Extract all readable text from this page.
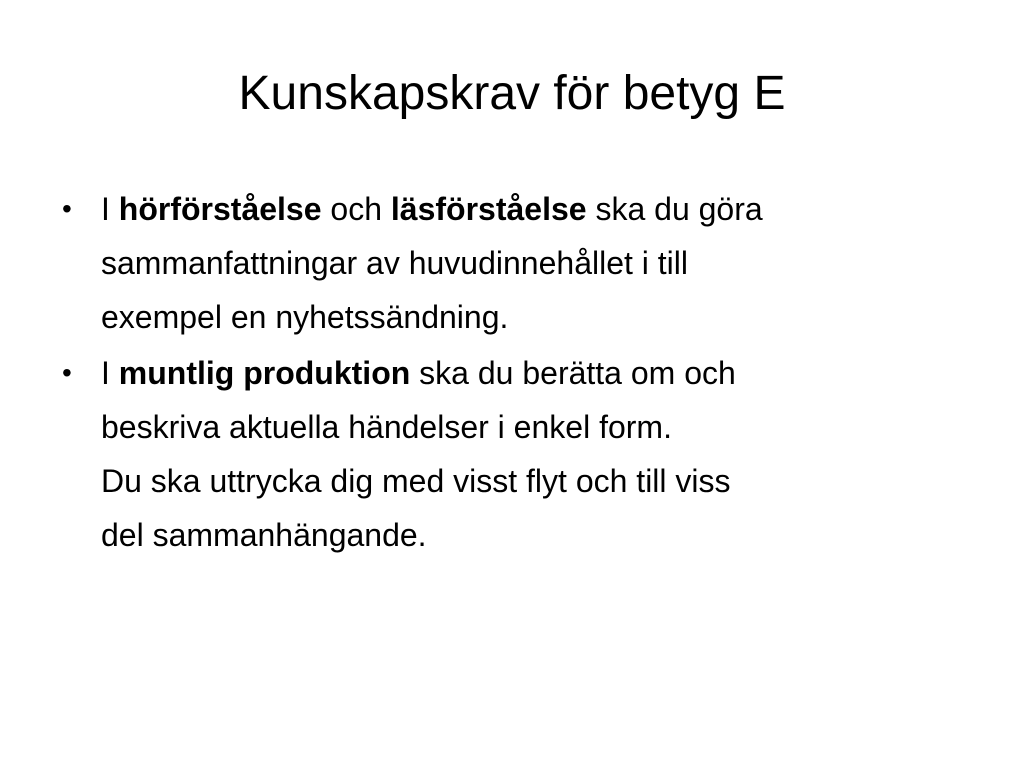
Kunskapskrav för betyg E
• I hörförståelse och läsförståelse ska du göra
sammanfattningar av huvudinnehållet i till
exempel en nyhetssändning.
• I muntlig produktion ska du berätta om och
beskriva aktuella händelser i enkel form.
Du ska uttrycka dig med visst flyt och till viss
del sammanhängande.
